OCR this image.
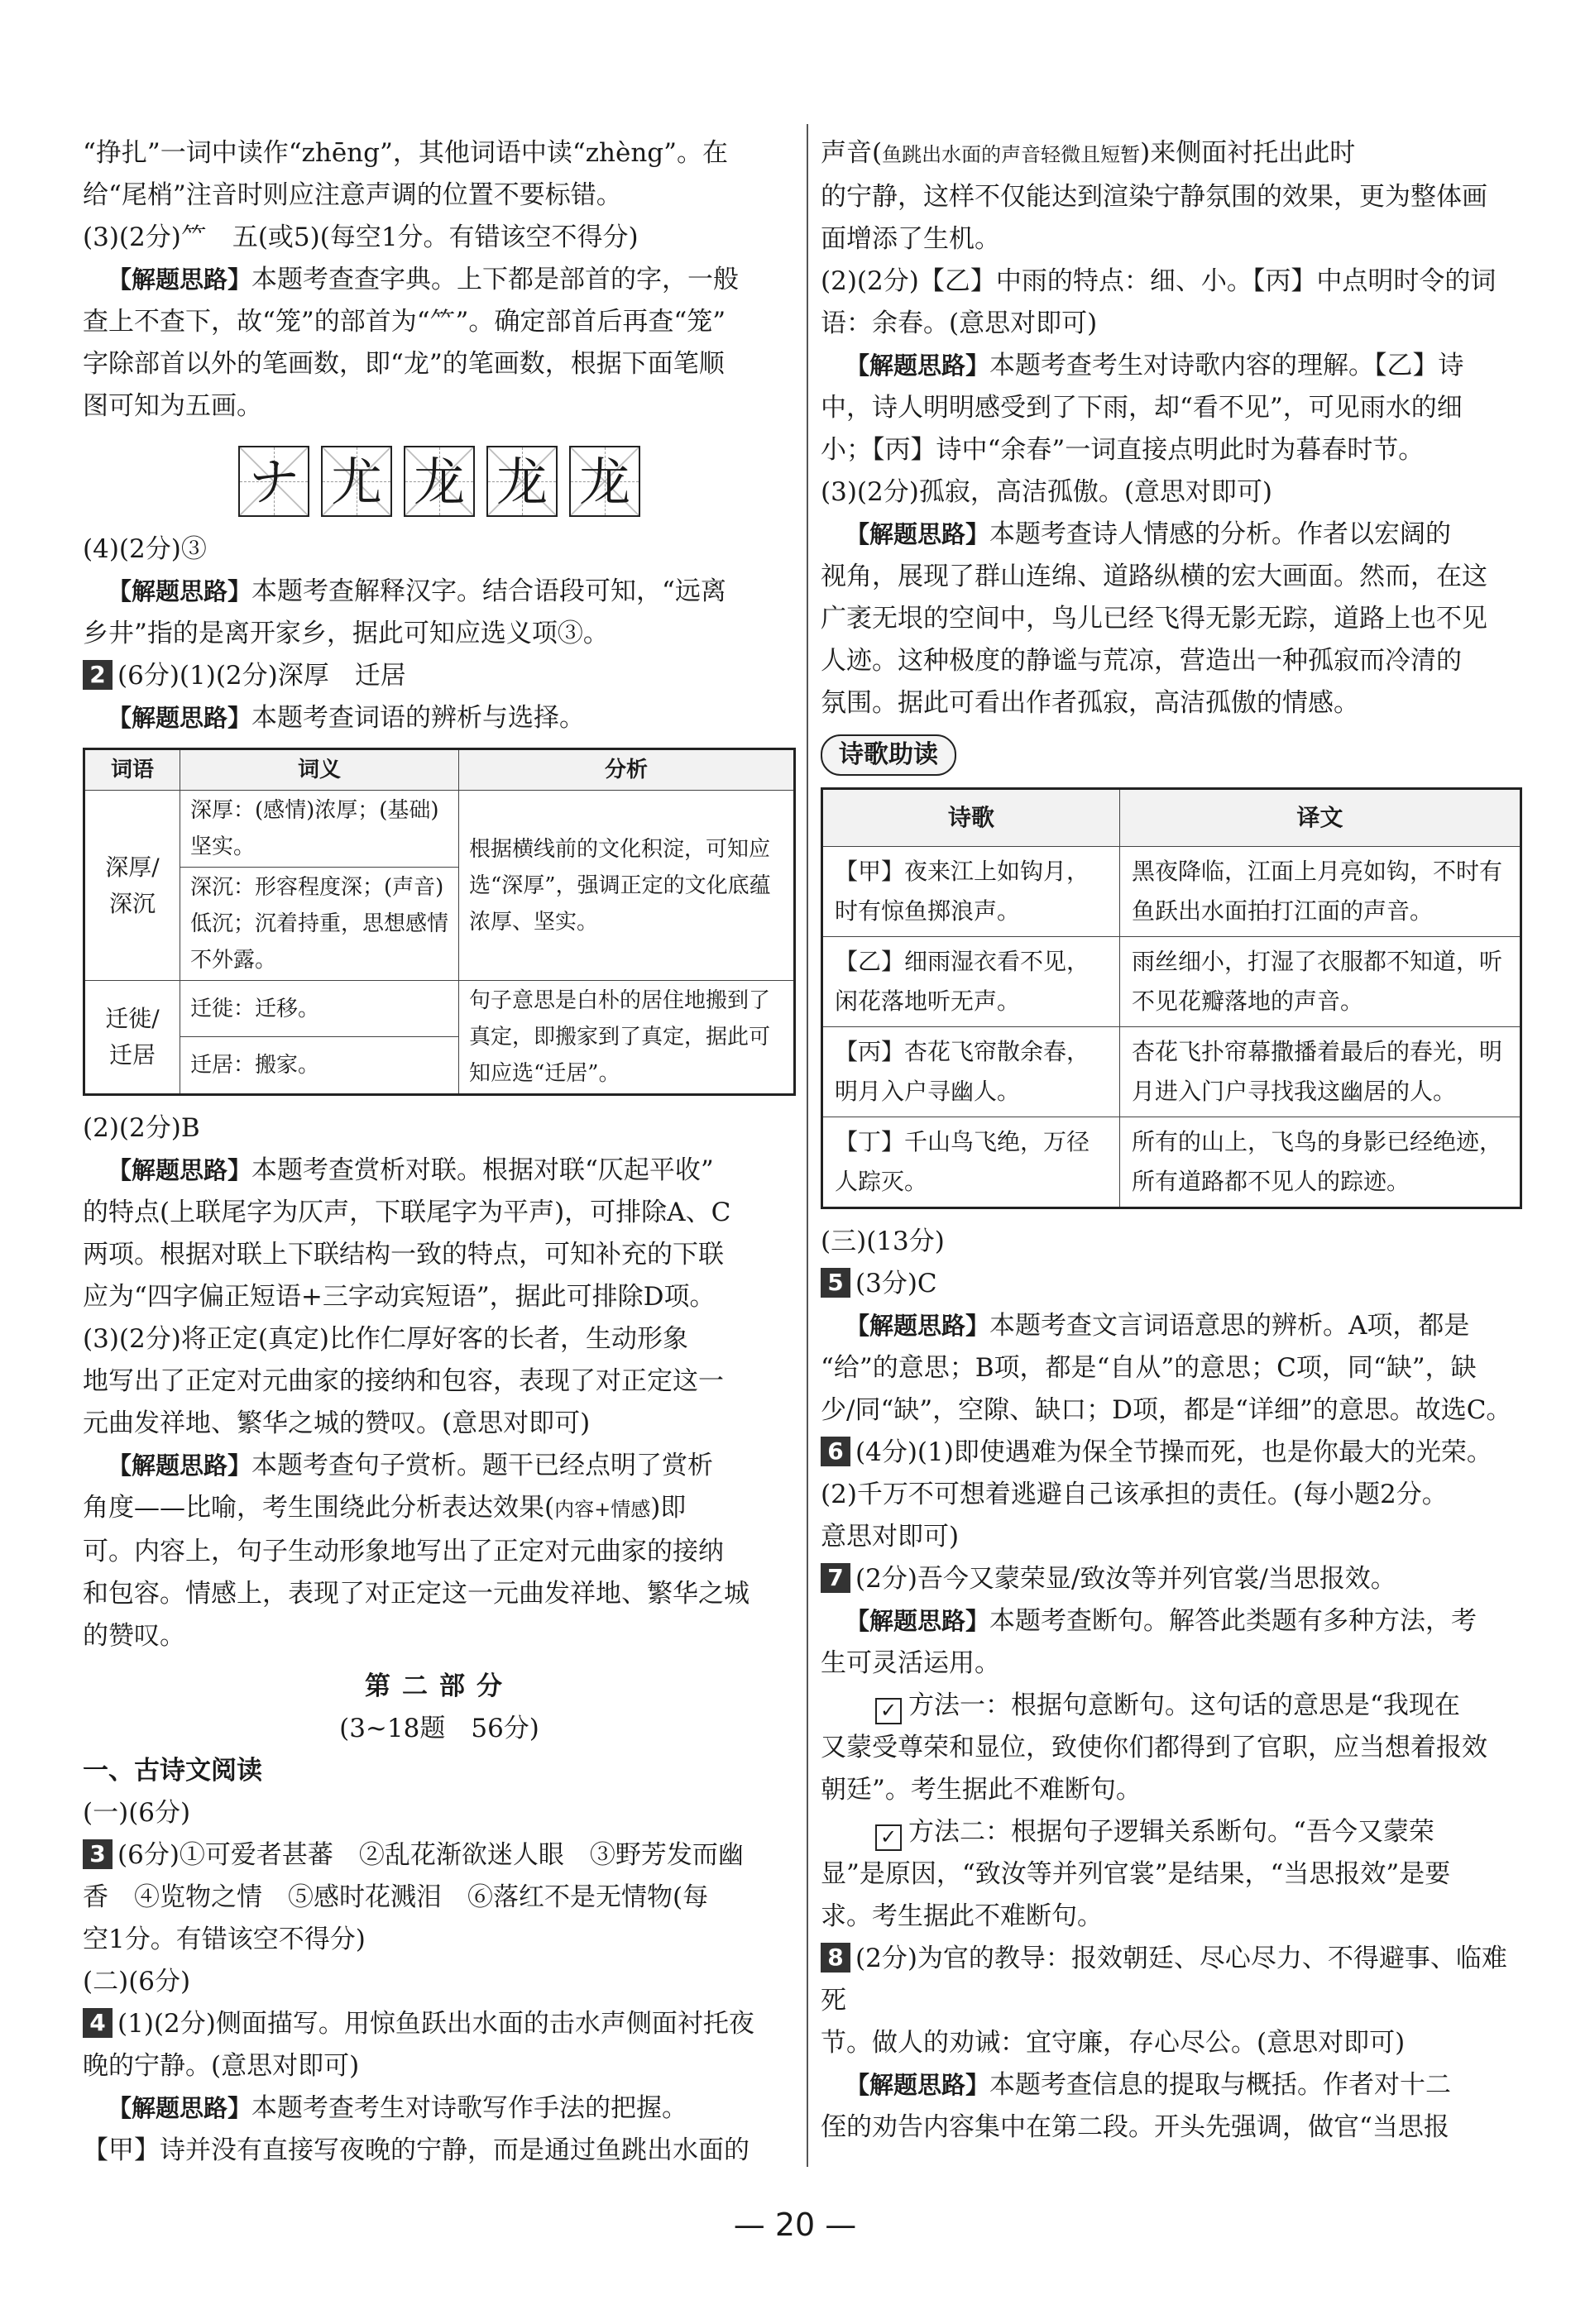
“挣扎”一词中读作“zhēng”，其他词语中读“zhèng”。在

给“尾梢”注音时则应注意声调的位置不要标错。

(3)(2分)⺮　五(或5)(每空1分。有错该空不得分)

【解题思路】本题考查查字典。上下都是部首的字，一般

查上不查下，故“笼”的部首为“⺮”。确定部首后再查“笼”

字除部首以外的笔画数，即“龙”的笔画数，根据下面笔顺

图可知为五画。

ナ 尤 龙 龙 龙

(4)(2分)③

【解题思路】本题考查解释汉字。结合语段可知，“远离

乡井”指的是离开家乡，据此可知应选义项③。

2 (6分)(1)(2分)深厚　迁居

【解题思路】本题考查词语的辨析与选择。

词语	词义	分析
深厚/深沉	深厚：(感情)浓厚；(基础)坚实。	根据横线前的文化积淀，可知应选“深厚”，强调正定的文化底蕴浓厚、坚实。
	深沉：形容程度深；(声音)低沉；沉着持重，思想感情不外露。	
迁徙/迁居	迁徙：迁移。	句子意思是白朴的居住地搬到了真定，即搬家到了真定，据此可知应选“迁居”。
	迁居：搬家。	

(2)(2分)B

【解题思路】本题考查赏析对联。根据对联“仄起平收”

的特点(上联尾字为仄声，下联尾字为平声)，可排除A、C

两项。根据对联上下联结构一致的特点，可知补充的下联

应为“四字偏正短语+三字动宾短语”，据此可排除D项。

(3)(2分)将正定(真定)比作仁厚好客的长者，生动形象

地写出了正定对元曲家的接纳和包容，表现了对正定这一

元曲发祥地、繁华之城的赞叹。(意思对即可)

【解题思路】本题考查句子赏析。题干已经点明了赏析

角度——比喻，考生围绕此分析表达效果(内容+情感)即

可。内容上，句子生动形象地写出了正定对元曲家的接纳

和包容。情感上，表现了对正定这一元曲发祥地、繁华之城

的赞叹。

第二部分

(3~18题　56分)

一、古诗文阅读

(一)(6分)

3 (6分)①可爱者甚蕃　②乱花渐欲迷人眼　③野芳发而幽

香　④览物之情　⑤感时花溅泪　⑥落红不是无情物(每

空1分。有错该空不得分)

(二)(6分)

4 (1)(2分)侧面描写。用惊鱼跃出水面的击水声侧面衬托夜

晚的宁静。(意思对即可)

【解题思路】本题考查考生对诗歌写作手法的把握。

【甲】诗并没有直接写夜晚的宁静，而是通过鱼跳出水面的

声音(鱼跳出水面的声音轻微且短暂)来侧面衬托出此时

的宁静，这样不仅能达到渲染宁静氛围的效果，更为整体画

面增添了生机。

(2)(2分)【乙】中雨的特点：细、小。【丙】中点明时令的词

语：余春。(意思对即可)

【解题思路】本题考查考生对诗歌内容的理解。【乙】诗

中，诗人明明感受到了下雨，却“看不见”，可见雨水的细

小；【丙】诗中“余春”一词直接点明此时为暮春时节。

(3)(2分)孤寂，高洁孤傲。(意思对即可)

【解题思路】本题考查诗人情感的分析。作者以宏阔的

视角，展现了群山连绵、道路纵横的宏大画面。然而，在这

广袤无垠的空间中，鸟儿已经飞得无影无踪，道路上也不见

人迹。这种极度的静谧与荒凉，营造出一种孤寂而冷清的

氛围。据此可看出作者孤寂，高洁孤傲的情感。

诗歌助读
诗歌	译文
【甲】夜来江上如钩月，时有惊鱼掷浪声。	黑夜降临，江面上月亮如钩，不时有鱼跃出水面拍打江面的声音。
【乙】细雨湿衣看不见，闲花落地听无声。	雨丝细小，打湿了衣服都不知道，听不见花瓣落地的声音。
【丙】杏花飞帘散余春，明月入户寻幽人。	杏花飞扑帘幕撒播着最后的春光，明月进入门户寻找我这幽居的人。
【丁】千山鸟飞绝，万径人踪灭。	所有的山上，飞鸟的身影已经绝迹，所有道路都不见人的踪迹。

(三)(13分)

5 (3分)C

【解题思路】本题考查文言词语意思的辨析。A项，都是

“给”的意思；B项，都是“自从”的意思；C项，同“缺”，缺

少/同“缺”，空隙、缺口；D项，都是“详细”的意思。故选C。

6 (4分)(1)即使遇难为保全节操而死，也是你最大的光荣。

(2)千万不可想着逃避自己该承担的责任。(每小题2分。

意思对即可)

7 (2分)吾今又蒙荣显/致汝等并列官裳/当思报效。

【解题思路】本题考查断句。解答此类题有多种方法，考

生可灵活运用。

✓ 方法一：根据句意断句。这句话的意思是“我现在

又蒙受尊荣和显位，致使你们都得到了官职，应当想着报效

朝廷”。考生据此不难断句。

✓ 方法二：根据句子逻辑关系断句。“吾今又蒙荣

显”是原因，“致汝等并列官裳”是结果，“当思报效”是要

求。考生据此不难断句。

8 (2分)为官的教导：报效朝廷、尽心尽力、不得避事、临难死

节。做人的劝诫：宜守廉，存心尽公。(意思对即可)

【解题思路】本题考查信息的提取与概括。作者对十二

侄的劝告内容集中在第二段。开头先强调，做官“当思报

— 20 —
